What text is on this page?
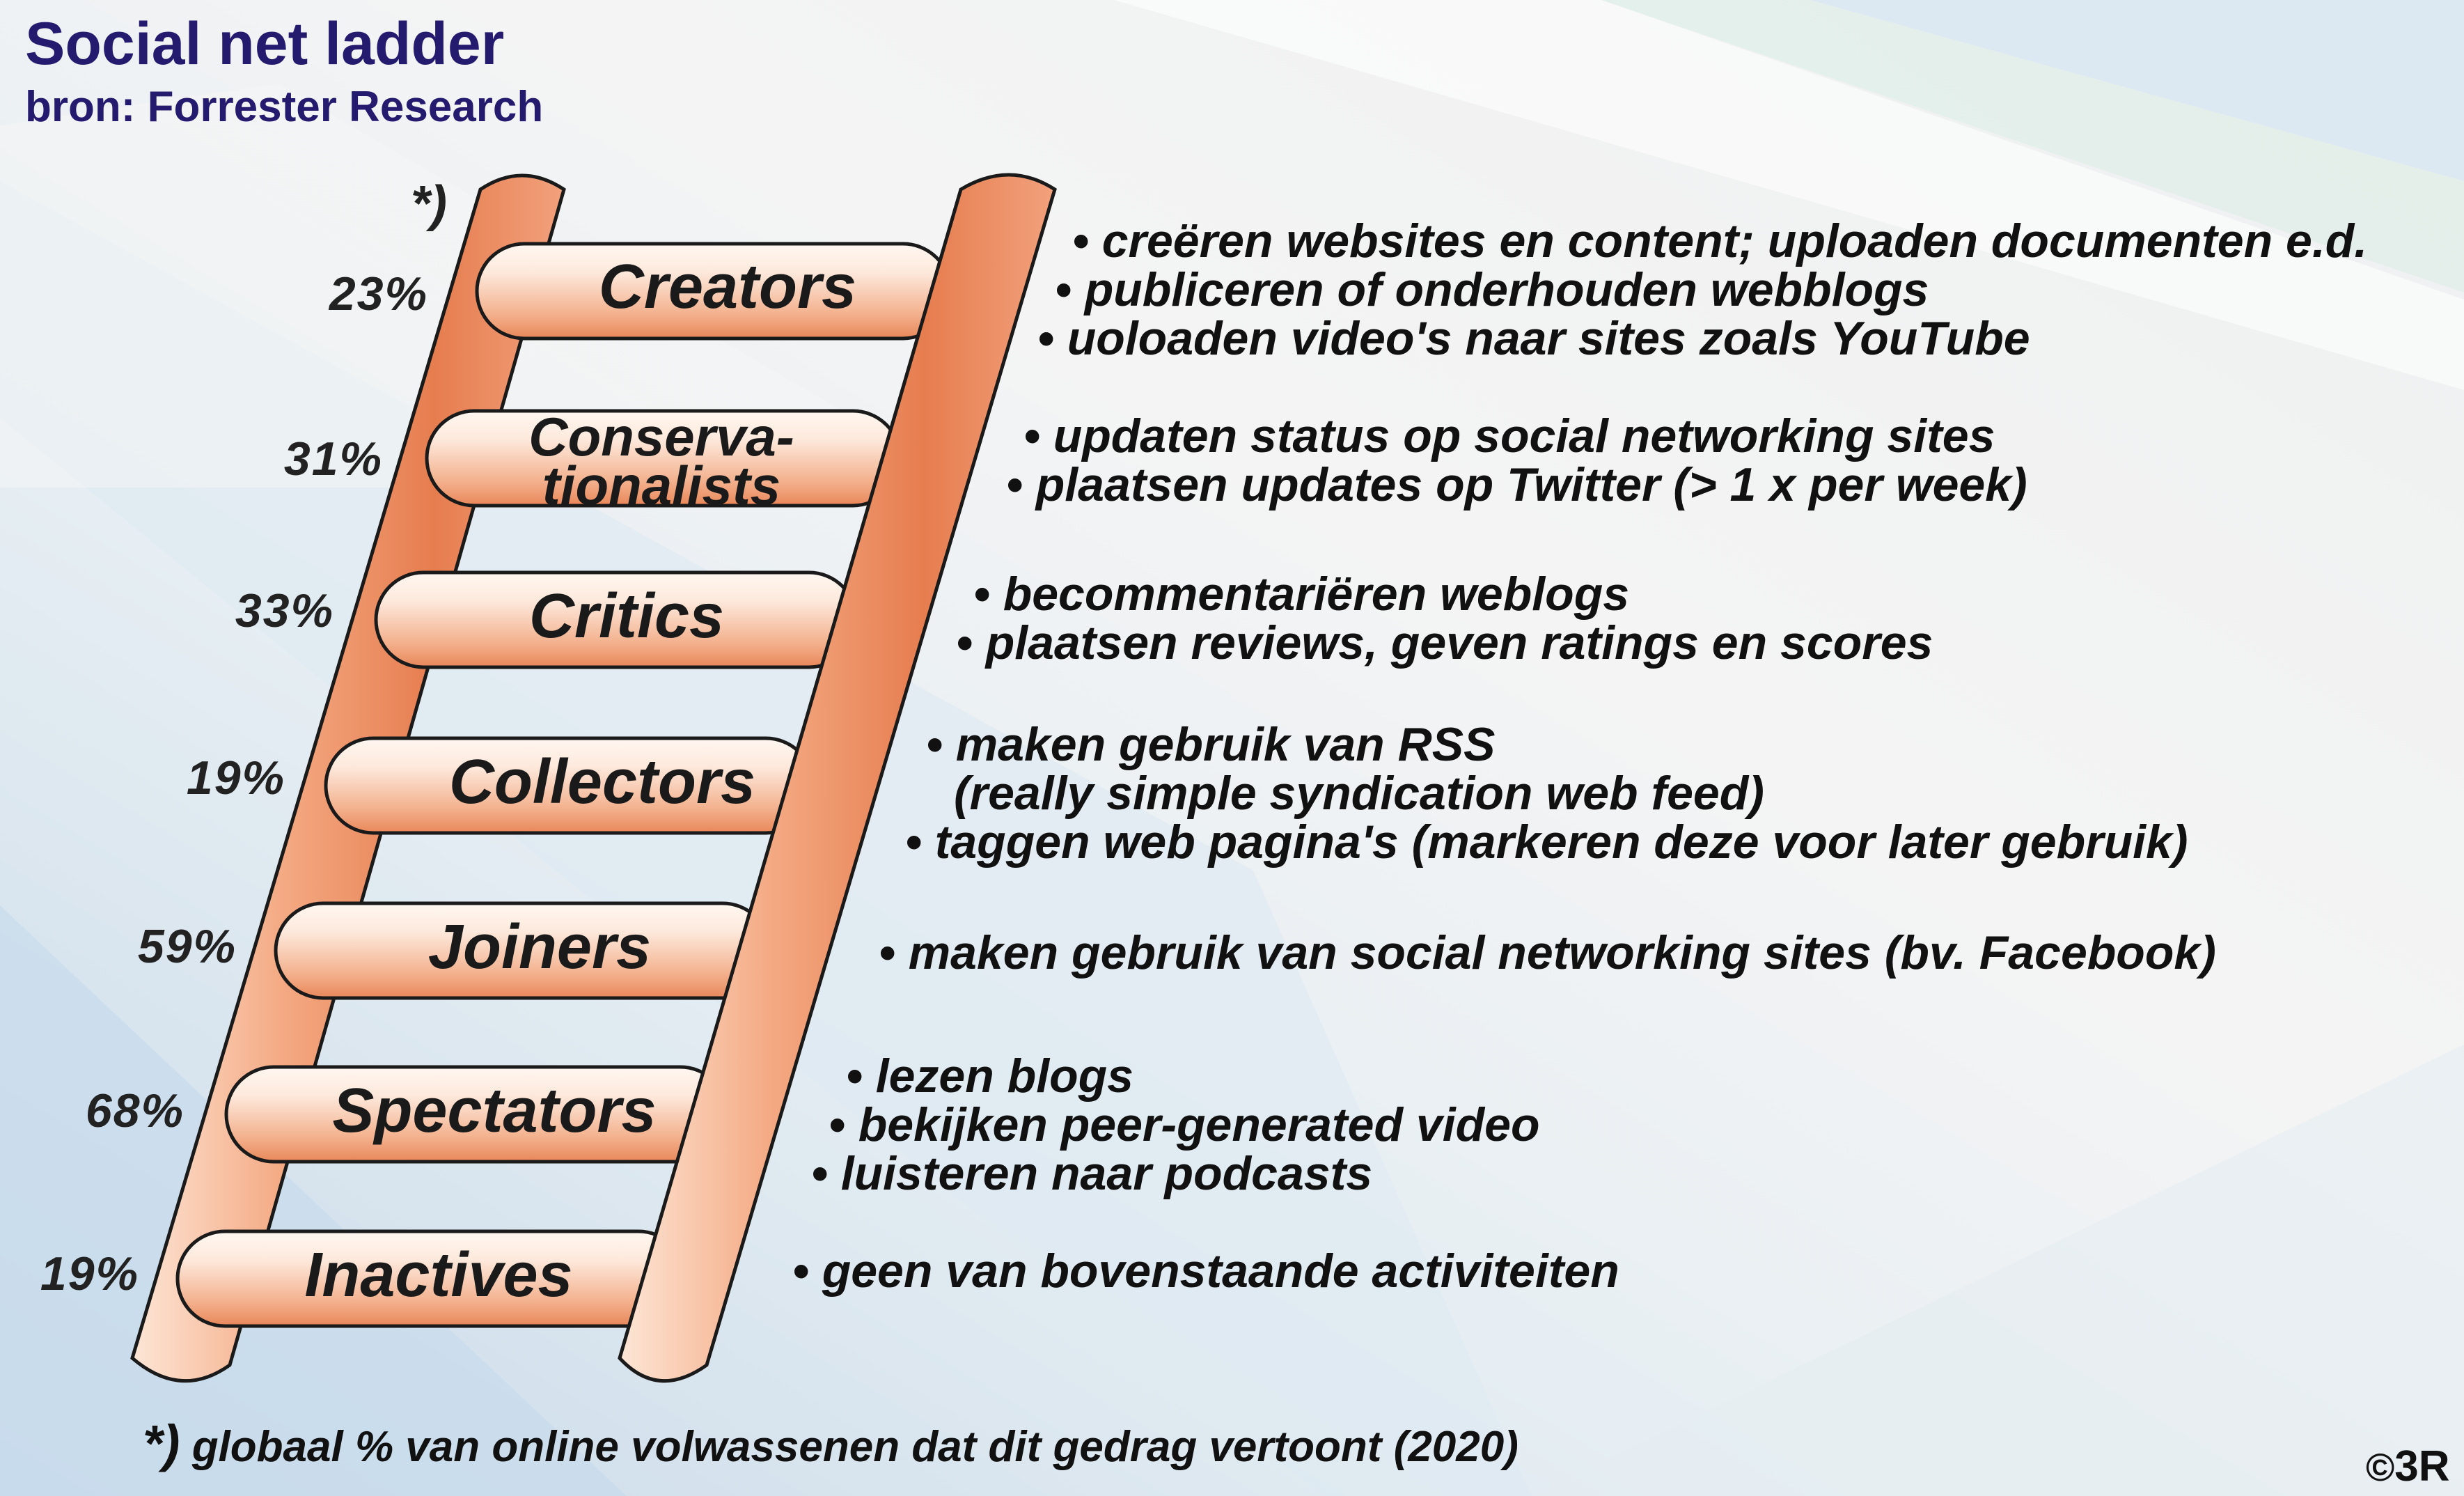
Social net ladder
bron: Forrester Research
*)
23%
31%
33%
19%
59%
68%
19%
Creators
Conserva-
tionalists
Critics
Collectors
Joiners
Spectators
Inactives
• creëren websites en content; uploaden documenten e.d.
• publiceren of onderhouden webblogs
• uoloaden video's naar sites zoals YouTube
• updaten status op social networking sites
• plaatsen updates op Twitter (> 1 x per week)
• becommentariëren weblogs
• plaatsen reviews, geven ratings en scores
• maken gebruik van RSS
(really simple syndication web feed)
• taggen web pagina's (markeren deze voor later gebruik)
• maken gebruik van social networking sites (bv. Facebook)
• lezen blogs
• bekijken peer-generated video
• luisteren naar podcasts
• geen van bovenstaande activiteiten
*) globaal % van online volwassenen dat dit gedrag vertoont (2020)	©3R
